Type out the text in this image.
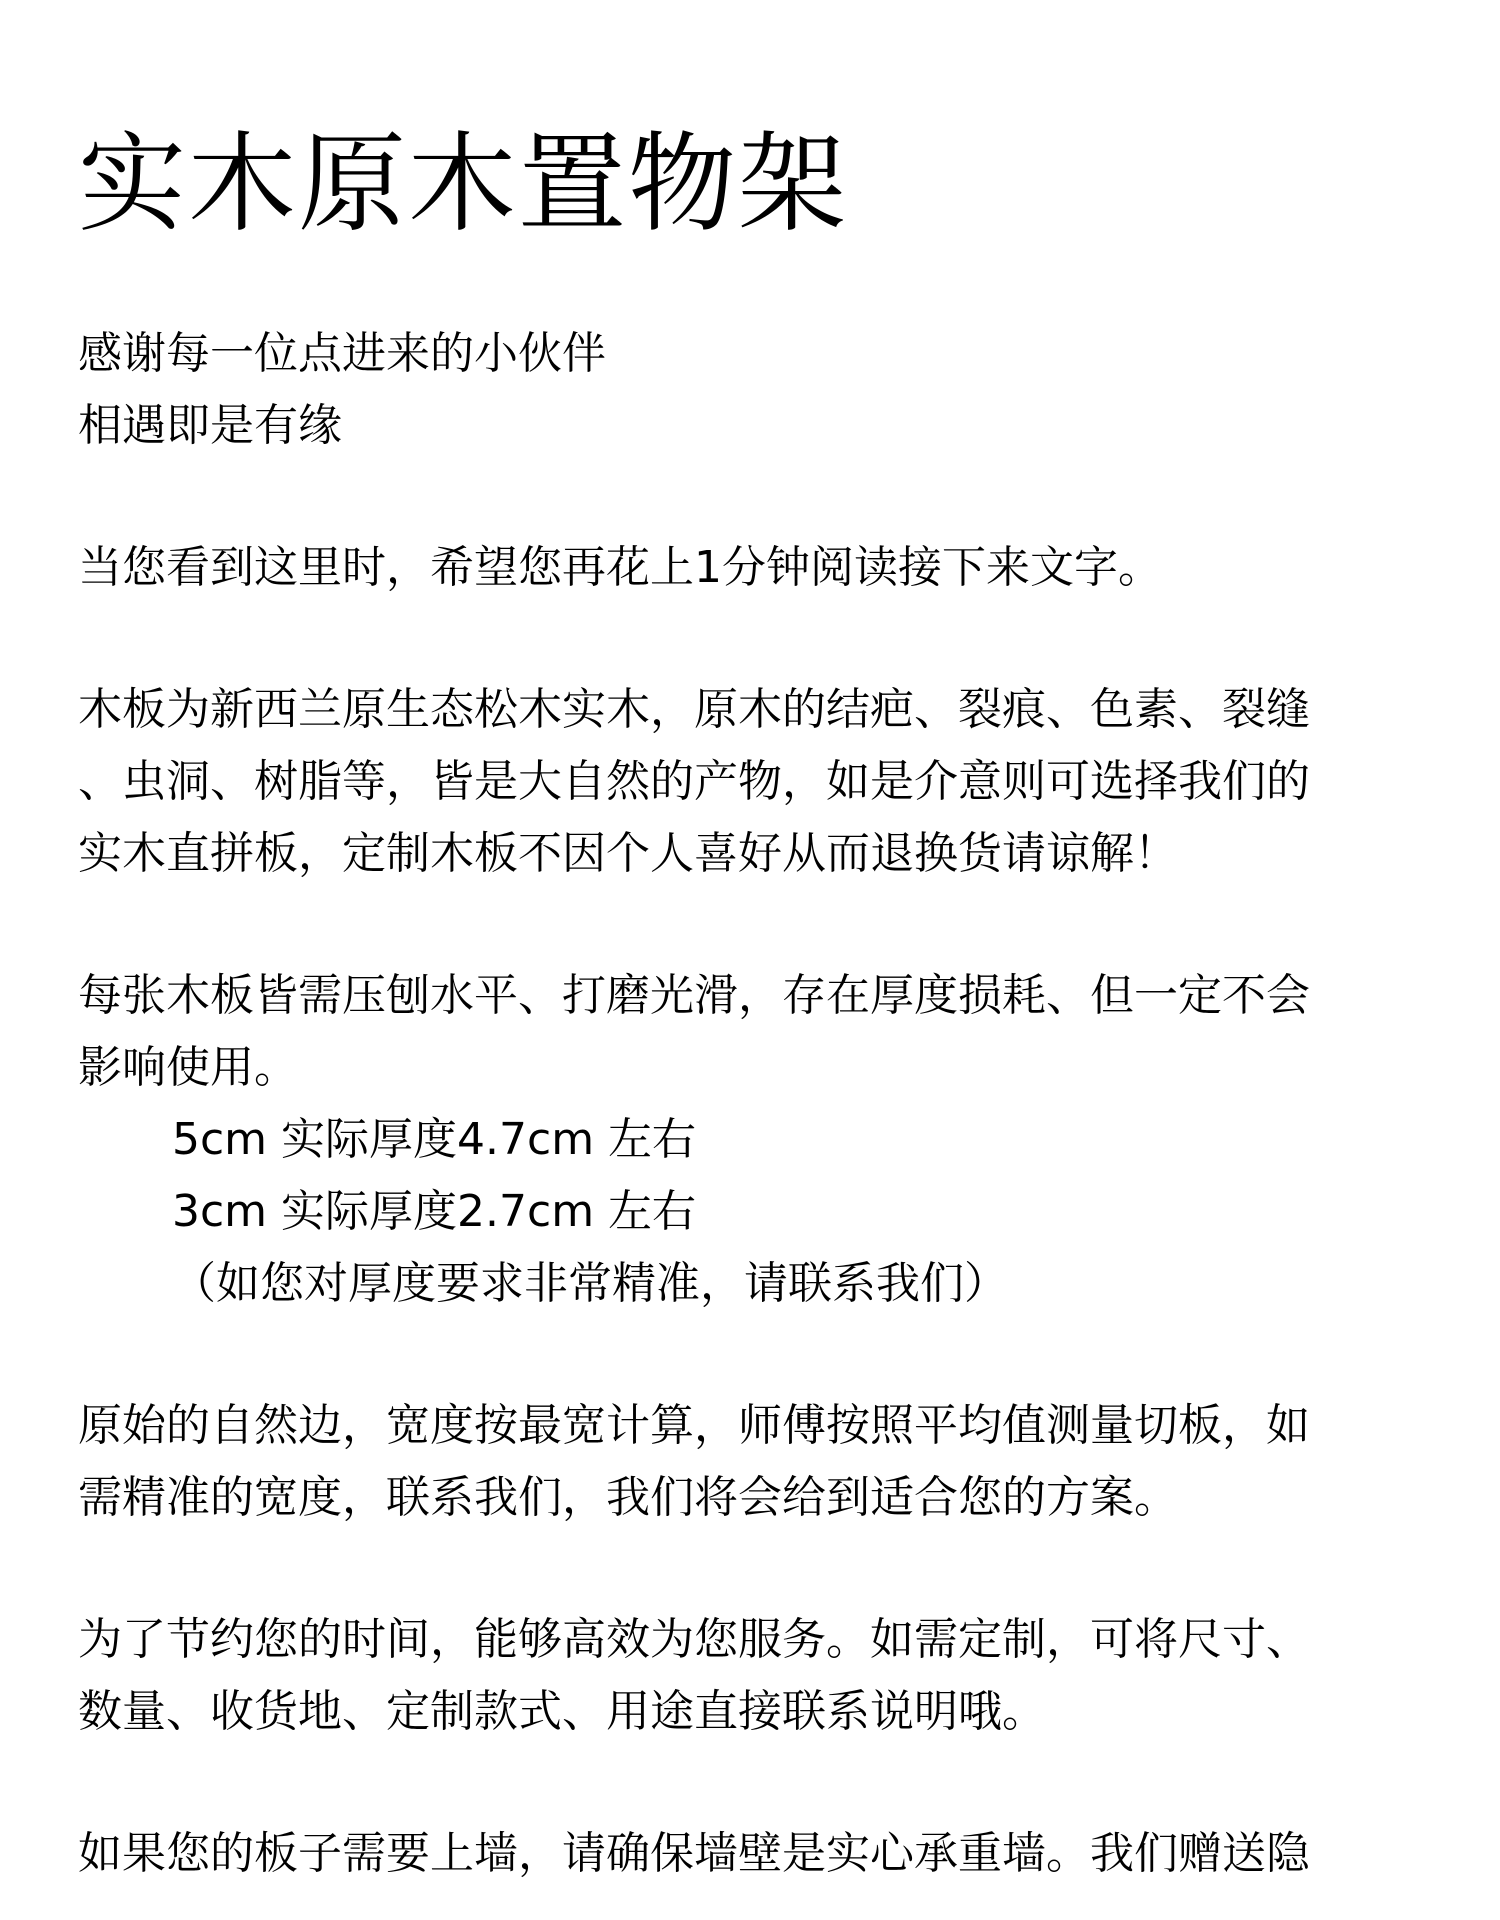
实木原木置物架
感谢每一位点进来的小伙伴
相遇即是有缘
当您看到这里时，希望您再花上1分钟阅读接下来文字。
木板为新西兰原生态松木实木，原木的结疤、裂痕、色素、裂缝
、虫洞、树脂等，皆是大自然的产物，如是介意则可选择我们的
实木直拼板，定制木板不因个人喜好从而退换货请谅解！
每张木板皆需压刨水平、打磨光滑，存在厚度损耗、但一定不会
影响使用。
5cm 实际厚度4.7cm 左右
3cm 实际厚度2.7cm 左右
（如您对厚度要求非常精准，请联系我们）
原始的自然边，宽度按最宽计算，师傅按照平均值测量切板，如
需精准的宽度，联系我们，我们将会给到适合您的方案。
为了节约您的时间，能够高效为您服务。如需定制，可将尺寸、
数量、收货地、定制款式、用途直接联系说明哦。
如果您的板子需要上墙，请确保墙壁是实心承重墙。我们赠送隐
